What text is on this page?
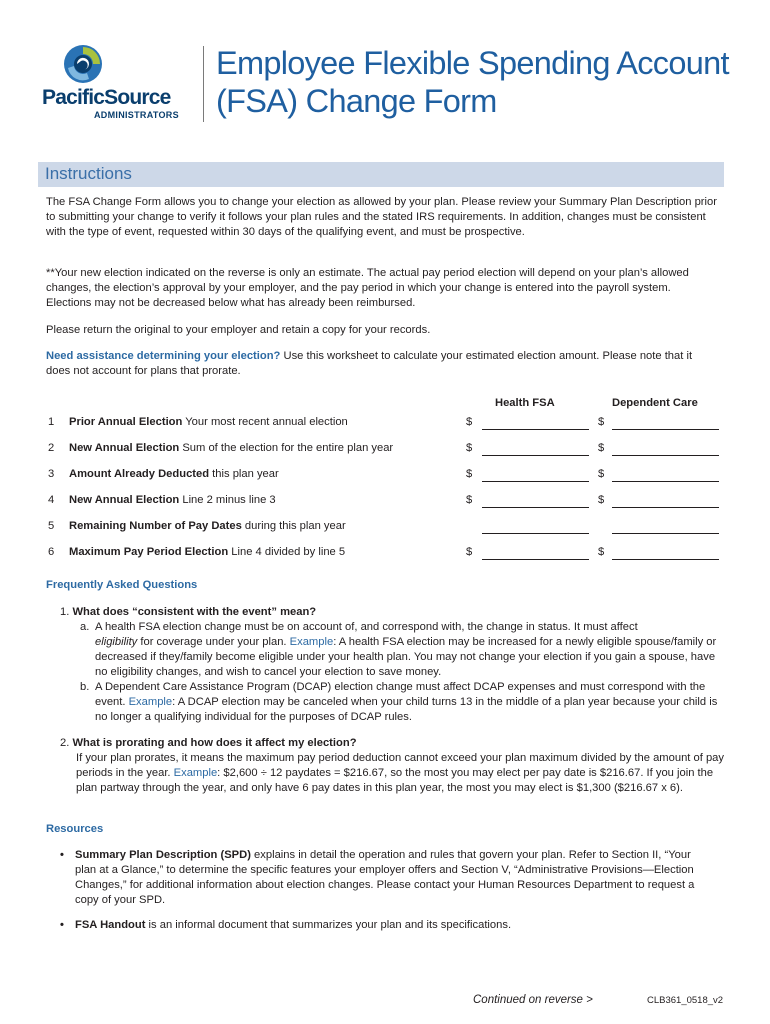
PacificSource
ADMINISTRATORS
Employee Flexible Spending Account
(FSA) Change Form
Instructions
The FSA Change Form allows you to change your election as allowed by your plan. Please review your Summary Plan Description prior to submitting your change to verify it follows your plan rules and the stated IRS requirements. In addition, changes must be consistent with the type of event, requested within 30 days of the qualifying event, and must be prospective.
**Your new election indicated on the reverse is only an estimate. The actual pay period election will depend on your plan’s allowed changes, the election’s approval by your employer, and the pay period in which your change is entered into the payroll system. Elections may not be decreased below what has already been reimbursed.
Please return the original to your employer and retain a copy for your records.
Need assistance determining your election? Use this worksheet to calculate your estimated election amount. Please note that it does not account for plans that prorate.
Health FSA	Dependent Care
1 Prior Annual Election Your most recent annual election	$	$
2 New Annual Election Sum of the election for the entire plan year	$	$
3 Amount Already Deducted this plan year	$	$
4 New Annual Election Line 2 minus line 3	$	$
5 Remaining Number of Pay Dates during this plan year
6 Maximum Pay Period Election Line 4 divided by line 5	$	$
Frequently Asked Questions
1. What does “consistent with the event” mean?
a. A health FSA election change must be on account of, and correspond with, the change in status. It must affect
eligibility for coverage under your plan. Example: A health FSA election may be increased for a newly eligible spouse/family or decreased if they/family become eligible under your health plan. You may not change your election if you gain a spouse, have no eligibility changes, and wish to cancel your election to save money.
b. A Dependent Care Assistance Program (DCAP) election change must affect DCAP expenses and must correspond with the event. Example: A DCAP election may be canceled when your child turns 13 in the middle of a plan year because your child is no longer a qualifying individual for the purposes of DCAP rules.
2. What is prorating and how does it affect my election?
If your plan prorates, it means the maximum pay period deduction cannot exceed your plan maximum divided by the amount of pay periods in the year. Example: $2,600 ÷ 12 paydates = $216.67, so the most you may elect per pay date is $216.67. If you join the plan partway through the year, and only have 6 pay dates in this plan year, the most you may elect is $1,300 ($216.67 x 6).
Resources
• Summary Plan Description (SPD) explains in detail the operation and rules that govern your plan. Refer to Section II, “Your plan at a Glance,” to determine the specific features your employer offers and Section V, “Administrative Provisions—Election Changes,” for additional information about election changes. Please contact your Human Resources Department to request a copy of your SPD.
• FSA Handout is an informal document that summarizes your plan and its specifications.
Continued on reverse >	CLB361_0518_v2
